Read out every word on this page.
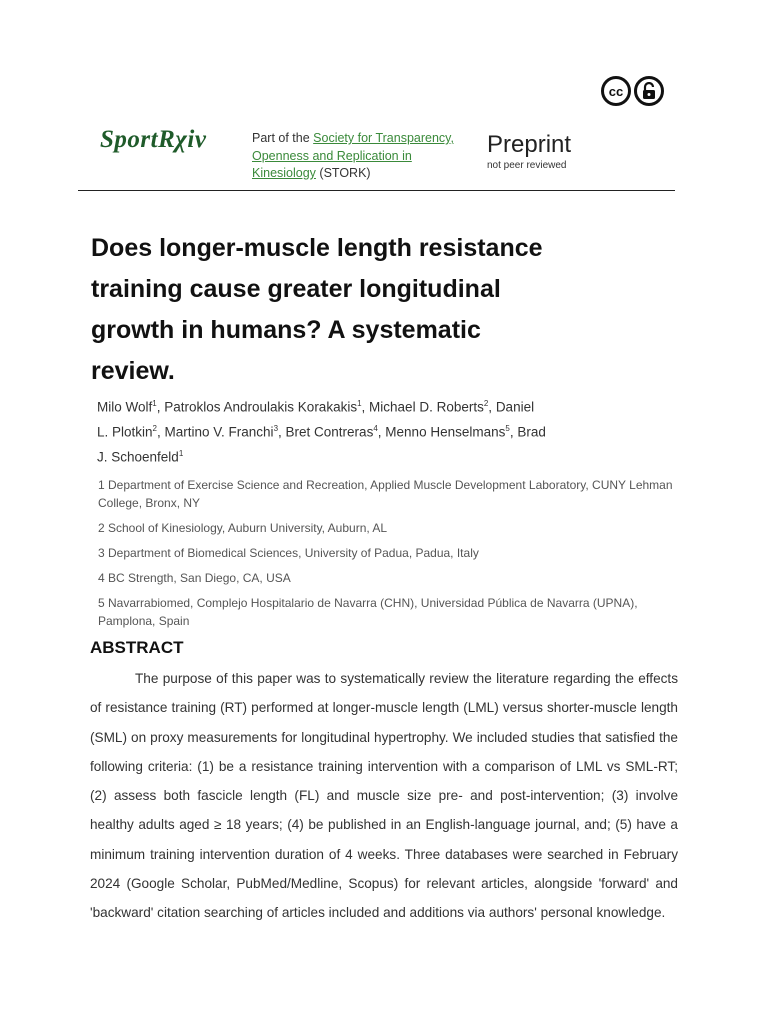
cc
SportRχiv	Part of the Society for Transparency, Openness and Replication in Kinesiology (STORK)
Preprint
not peer reviewed
Does longer-muscle length resistance training cause greater longitudinal growth in humans? A systematic review.
Milo Wolf$^1$, Patroklos Androulakis Korakakis$^1$, Michael D. Roberts$^2$, Daniel L. Plotkin$^2$, Martino V. Franchi$^3$, Bret Contreras$^4$, Menno Henselmans$^5$, Brad J. Schoenfeld$^1$
1 Department of Exercise Science and Recreation, Applied Muscle Development Laboratory, CUNY Lehman College, Bronx, NY
2 School of Kinesiology, Auburn University, Auburn, AL
3 Department of Biomedical Sciences, University of Padua, Padua, Italy
4 BC Strength, San Diego, CA, USA
5 Navarrabiomed, Complejo Hospitalario de Navarra (CHN), Universidad Pública de Navarra (UPNA), Pamplona, Spain
ABSTRACT
The purpose of this paper was to systematically review the literature regarding the effects of resistance training (RT) performed at longer-muscle length (LML) versus shorter-muscle length (SML) on proxy measurements for longitudinal hypertrophy. We included studies that satisfied the following criteria: (1) be a resistance training intervention with a comparison of LML vs SML-RT; (2) assess both fascicle length (FL) and muscle size pre- and post-intervention; (3) involve healthy adults aged ≥ 18 years; (4) be published in an English-language journal, and; (5) have a minimum training intervention duration of 4 weeks. Three databases were searched in February 2024 (Google Scholar, PubMed/Medline, Scopus) for relevant articles, alongside 'forward' and 'backward' citation searching of articles included and additions via authors' personal knowledge.
